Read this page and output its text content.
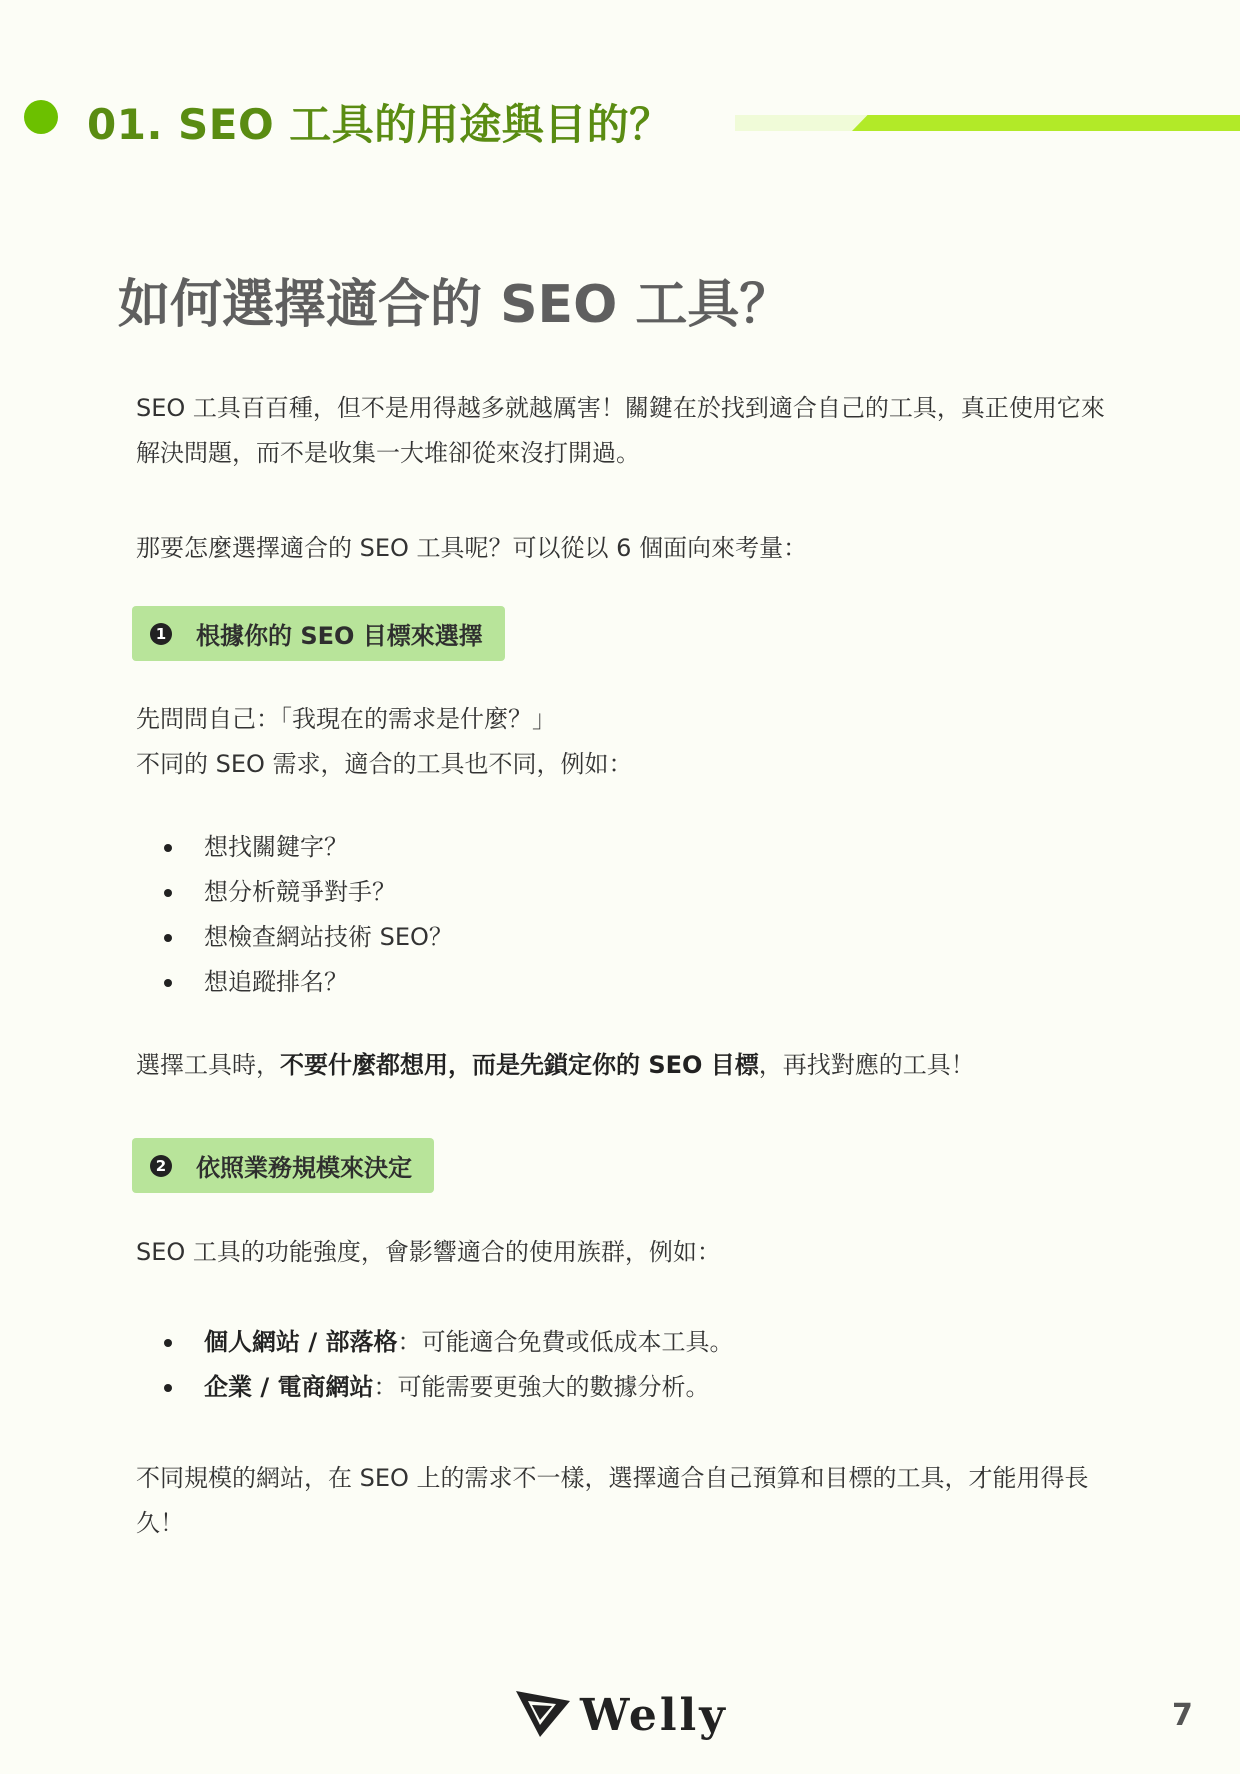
01. SEO 工具的用途與目的？
如何選擇適合的 SEO 工具？

SEO 工具百百種，但不是用得越多就越厲害！關鍵在於找到適合自己的工具，真正使用它來解決問題，而不是收集一大堆卻從來沒打開過。

那要怎麼選擇適合的 SEO 工具呢？可以從以 6 個面向來考量：

1 根據你的 SEO 目標來選擇

先問問自己：「我現在的需求是什麼？」

不同的 SEO 需求，適合的工具也不同，例如：

想找關鍵字？
想分析競爭對手？
想檢查網站技術 SEO？
想追蹤排名？

選擇工具時，不要什麼都想用，而是先鎖定你的 SEO 目標，再找對應的工具！

2 依照業務規模來決定

SEO 工具的功能強度，會影響適合的使用族群，例如：

個人網站 / 部落格：可能適合免費或低成本工具。
企業 / 電商網站：可能需要更強大的數據分析。

不同規模的網站，在 SEO 上的需求不一樣，選擇適合自己預算和目標的工具，才能用得長久！

Welly	7
